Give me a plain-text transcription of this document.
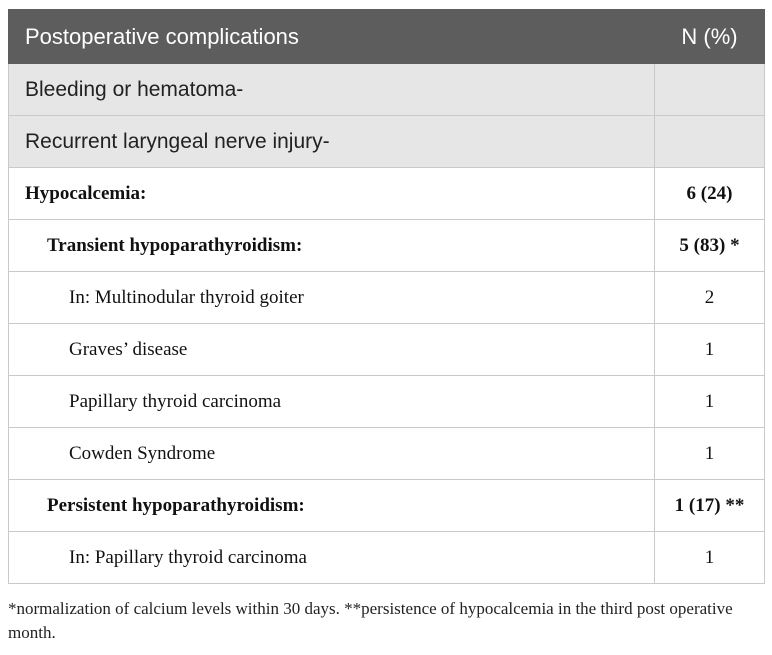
Postoperative complications	N (%)
Bleeding or hematoma-	
Recurrent laryngeal nerve injury-	
Hypocalcemia:	6 (24)
Transient hypoparathyroidism:	5 (83) *
In: Multinodular thyroid goiter	2
Graves’ disease	1
Papillary thyroid carcinoma	1
Cowden Syndrome	1
Persistent hypoparathyroidism:	1 (17) **
In: Papillary thyroid carcinoma	1

*normalization of calcium levels within 30 days. **persistence of hypocalcemia in the third post operative month.
